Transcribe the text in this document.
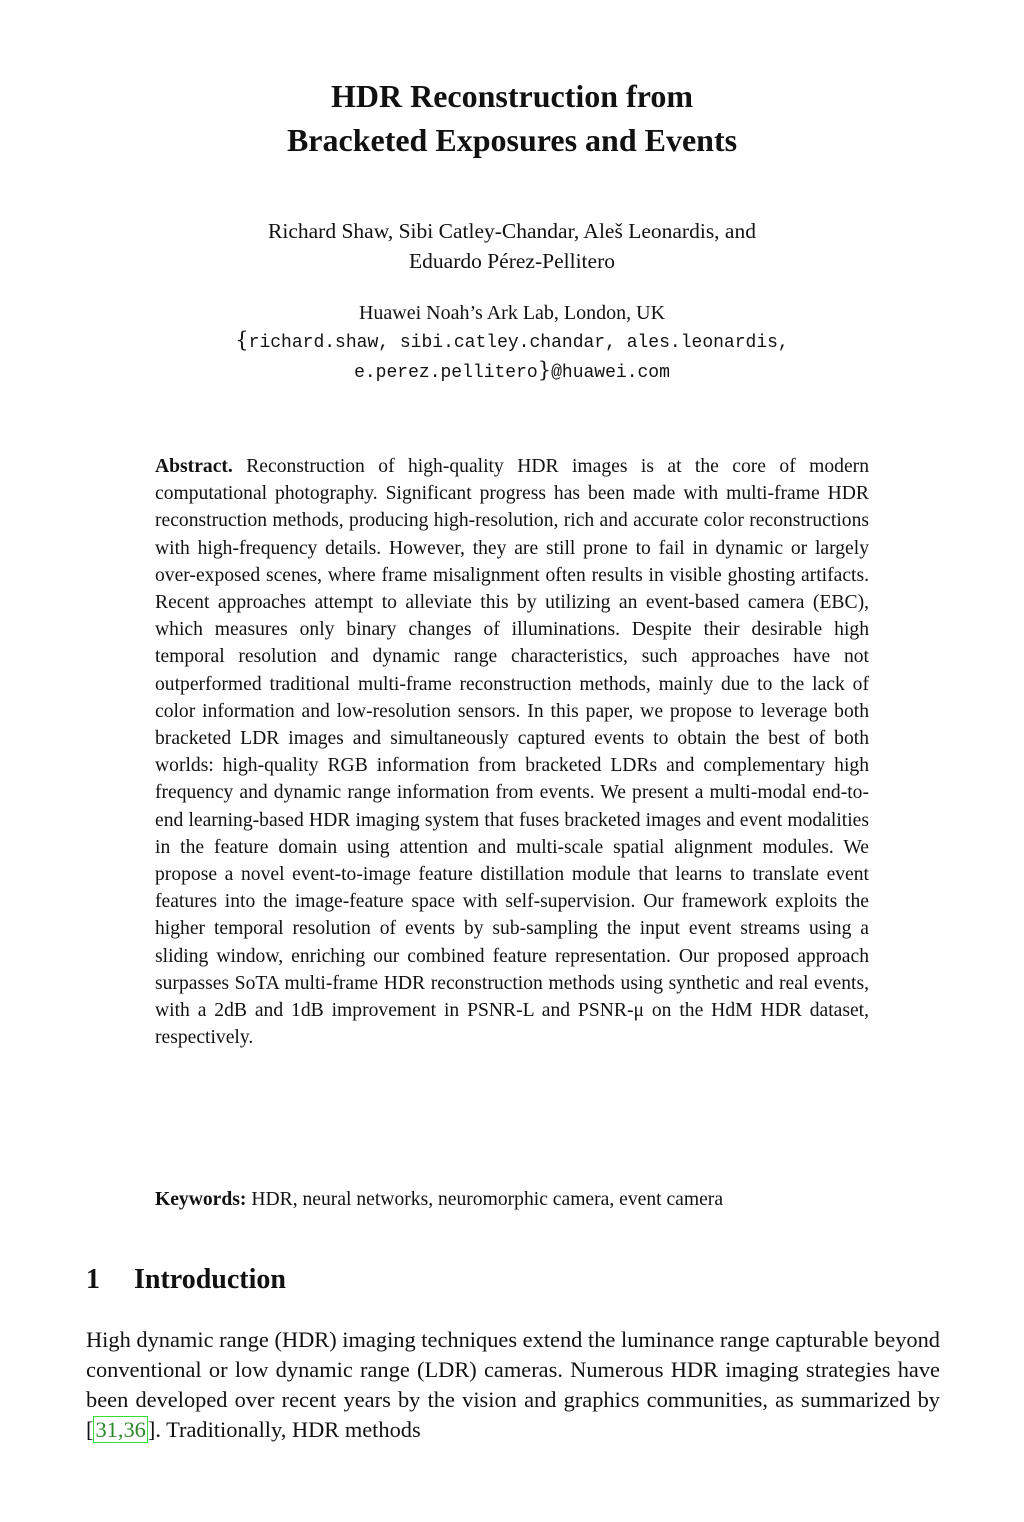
HDR Reconstruction from
Bracketed Exposures and Events
Richard Shaw, Sibi Catley-Chandar, Aleš Leonardis, and
Eduardo Pérez-Pellitero
Huawei Noah’s Ark Lab, London, UK
{richard.shaw, sibi.catley.chandar, ales.leonardis,
e.perez.pellitero}@huawei.com
Abstract. Reconstruction of high-quality HDR images is at the core of modern computational photography. Significant progress has been made with multi-frame HDR reconstruction methods, producing high-resolution, rich and accurate color reconstructions with high-frequency details. However, they are still prone to fail in dynamic or largely over-exposed scenes, where frame misalignment often results in visible ghosting artifacts. Recent approaches attempt to alleviate this by utilizing an event-based camera (EBC), which measures only binary changes of illuminations. Despite their desirable high temporal resolution and dynamic range characteristics, such approaches have not outperformed traditional multi-frame reconstruction methods, mainly due to the lack of color information and low-resolution sensors. In this paper, we propose to leverage both bracketed LDR images and simultaneously captured events to obtain the best of both worlds: high-quality RGB information from bracketed LDRs and complementary high frequency and dynamic range information from events. We present a multi-modal end-to-end learning-based HDR imaging system that fuses bracketed images and event modalities in the feature domain using attention and multi-scale spatial alignment modules. We propose a novel event-to-image feature distillation module that learns to translate event features into the image-feature space with self-supervision. Our framework exploits the higher temporal resolution of events by sub-sampling the input event streams using a sliding window, enriching our combined feature representation. Our proposed approach surpasses SoTA multi-frame HDR reconstruction methods using synthetic and real events, with a 2dB and 1dB improvement in PSNR-L and PSNR-μ on the HdM HDR dataset, respectively.
Keywords: HDR, neural networks, neuromorphic camera, event camera
1 Introduction
High dynamic range (HDR) imaging techniques extend the luminance range capturable beyond conventional or low dynamic range (LDR) cameras. Numerous HDR imaging strategies have been developed over recent years by the vision and graphics communities, as summarized by [31,36]. Traditionally, HDR methods
